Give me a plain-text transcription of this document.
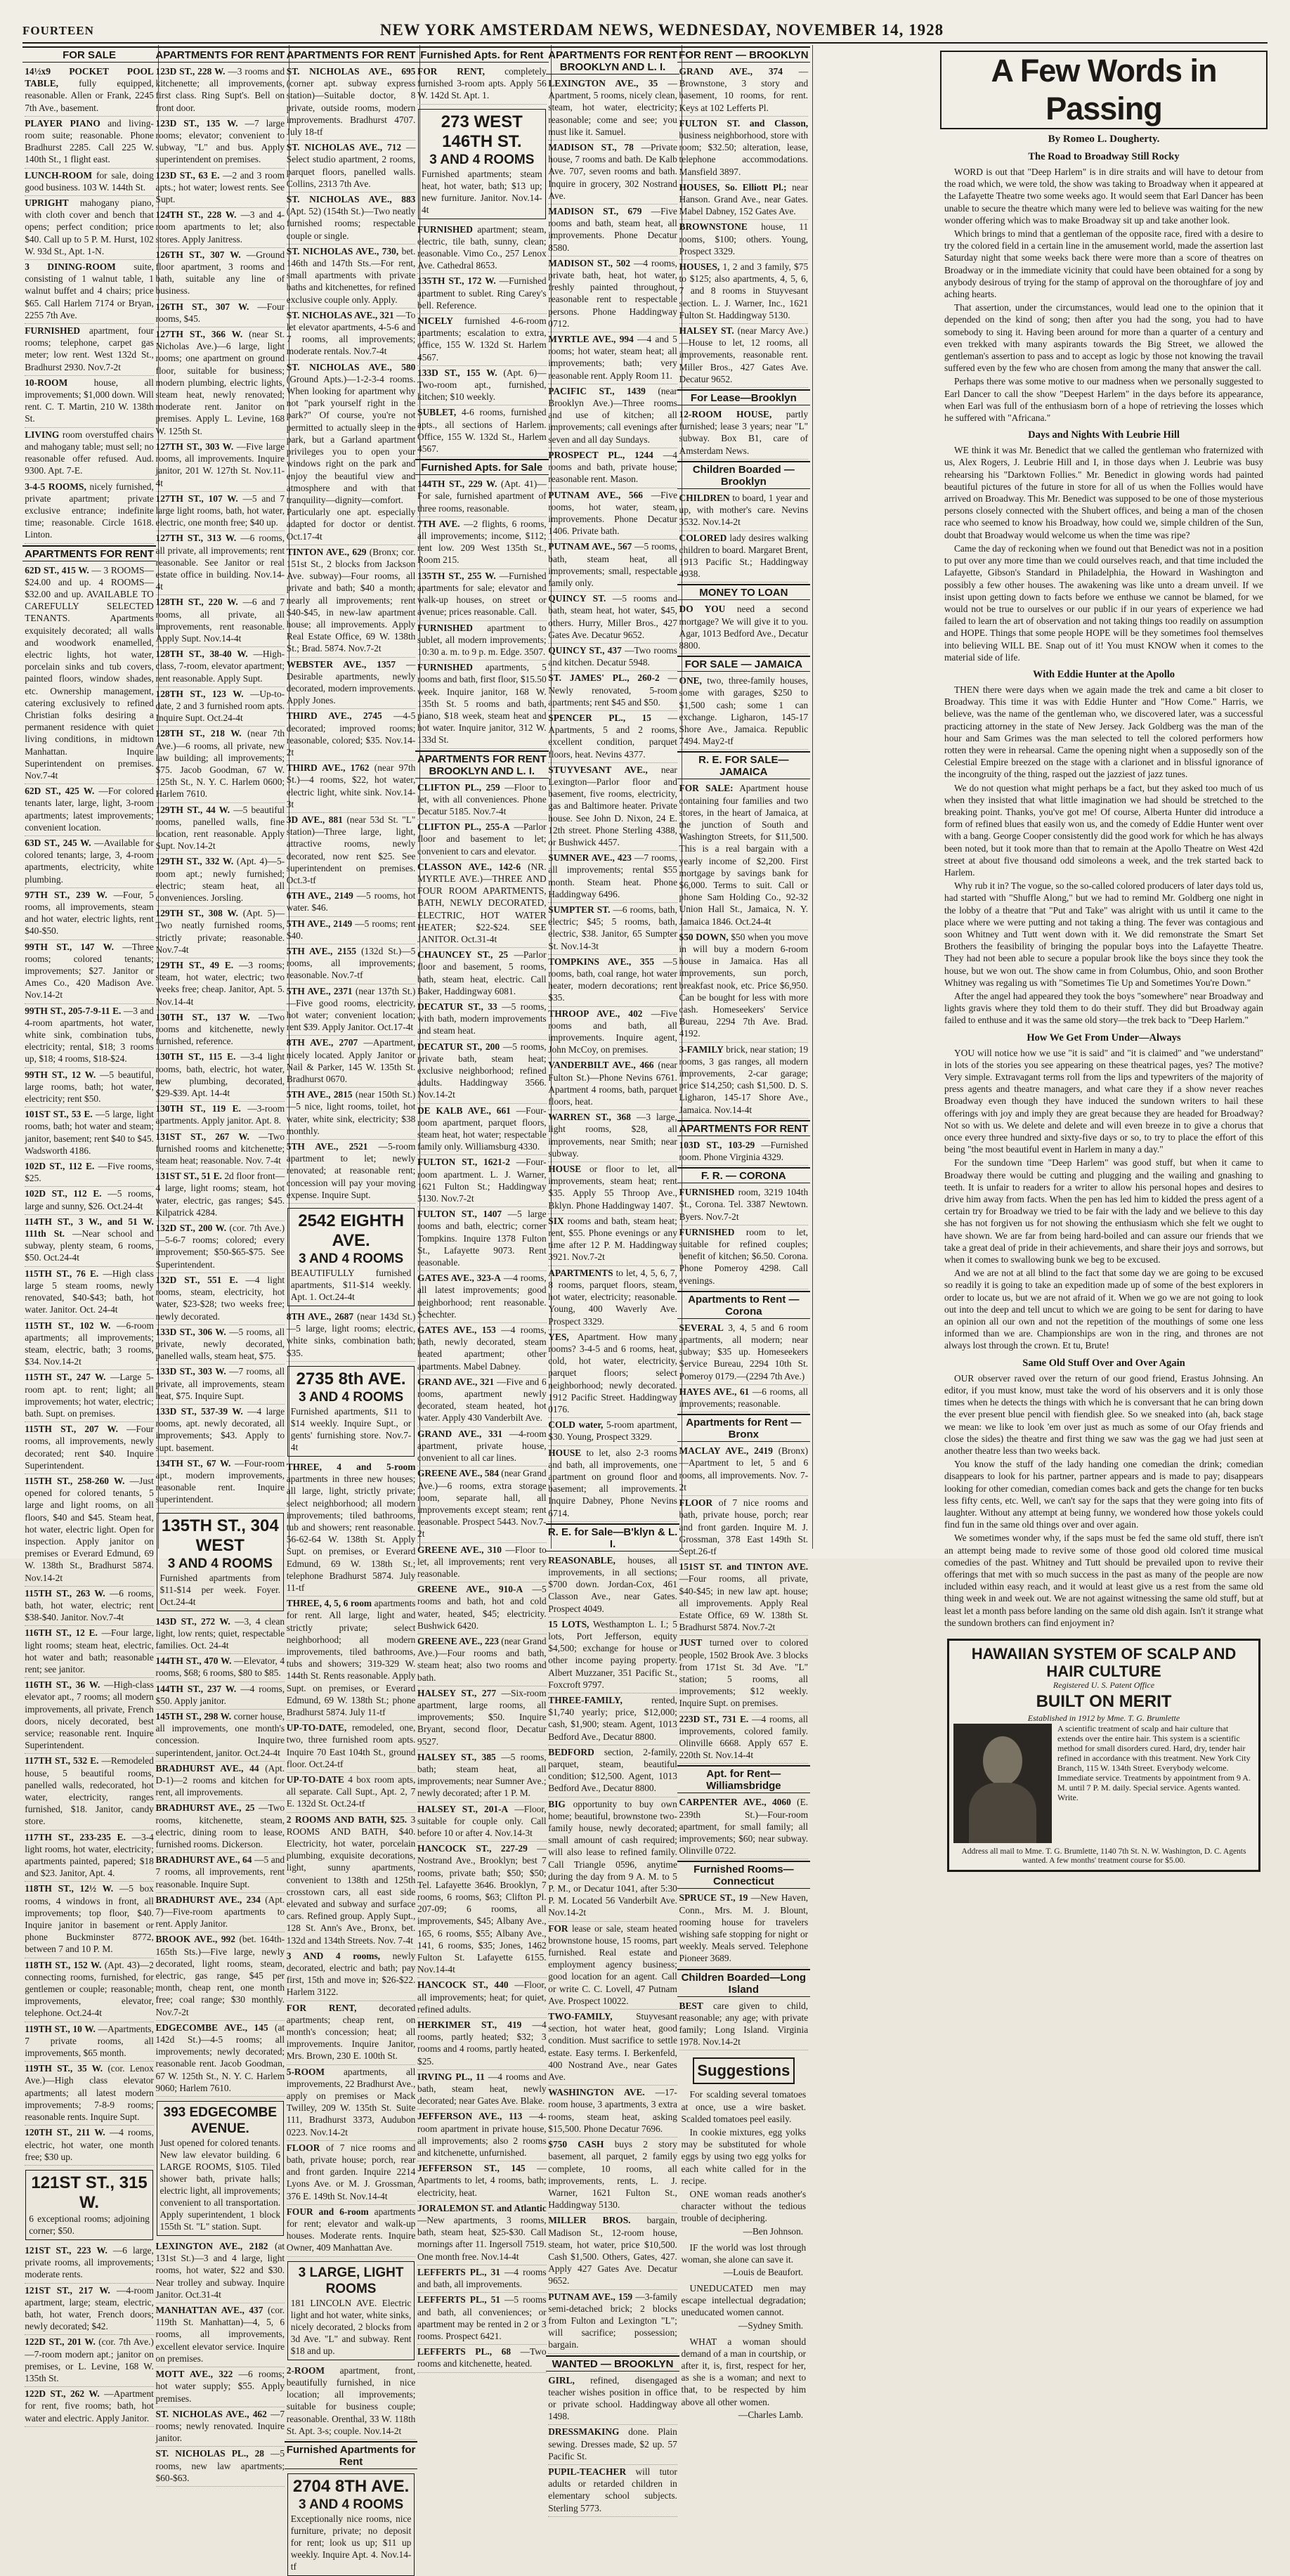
FOURTEEN	NEW YORK AMSTERDAM NEWS, WEDNESDAY, NOVEMBER 14, 1928
FOR SALE
14½x9 POCKET POOL TABLE, fully equipped, reasonable. Allen or Frank, 2245 7th Ave., basement.
PLAYER PIANO and living-room suite; reasonable. Phone Bradhurst 2285. Call 225 W. 140th St., 1 flight east.
LUNCH-ROOM for sale, doing good business. 103 W. 144th St.
UPRIGHT mahogany piano, with cloth cover and bench that opens; perfect condition; price $40. Call up to 5 P. M. Hurst, 102 W. 93d St., Apt. 1-N.
3 DINING-ROOM suite, consisting of 1 walnut table, 1 walnut buffet and 4 chairs; price $65. Call Harlem 7174 or Bryan, 2255 7th Ave.
FURNISHED apartment, four rooms; telephone, carpet gas meter; low rent. West 132d St., Bradhurst 2930. Nov.7-2t
10-ROOM	house, all improvements; $1,000 down. Will rent. C. T. Martin, 210 W. 138th St.
LIVING room overstuffed chairs and mahogany table; must sell; no reasonable offer refused. Aud. 9300. Apt. 7-E.
3-4-5 ROOMS, nicely furnished, private apartment; private exclusive entrance; indefinite time; reasonable. Circle 1618. Linton.
APARTMENTS FOR RENT
62D ST., 415 W. — 3 ROOMS—$24.00 and up. 4 ROOMS—$32.00 and up. AVAILABLE TO CAREFULLY SELECTED TENANTS. Apartments exquisitely decorated; all walls and woodwork enamelled, electric lights, hot water, porcelain sinks and tub covers, painted floors, window shades, etc. Ownership management, catering exclusively to refined Christian folks desiring a permanent residence with quiet living conditions, in midtown Manhattan. Inquire Superintendent on premises. Nov.7-4t
62D ST., 425 W. —For colored tenants later, large, light, 3-room apartments; latest improvements; convenient location.
63D ST., 245 W. —Available for colored tenants; large, 3, 4-room apartments, electricity, white plumbing.
97TH ST., 239 W. —Four, 5 rooms, all improvements, steam and hot water, electric lights, rent $40-$50.
99TH ST., 147 W. —Three rooms; colored tenants; improvements; $27. Janitor or Ames Co., 420 Madison Ave. Nov.14-2t
99TH ST., 205-7-9-11 E. —3 and 4-room apartments, hot water, white sink, combination tubs, electricity; rental, $18; 3 rooms up, $18; 4 rooms, $18-$24.
99TH ST., 12 W. —5 beautiful, large rooms, bath; hot water, electricity; rent $50.
101ST ST., 53 E. —5 large, light rooms, bath; hot water and steam; janitor, basement; rent $40 to $45. Wadsworth 4186.
102D ST., 112 E. —Five rooms, $25.
102D ST., 112 E. —5 rooms, large and sunny, $26. Oct.24-4t
114TH ST., 3 W., and 51 W. 111th St. —Near school and subway, plenty steam, 6 rooms, $50. Oct.24-4t
115TH ST., 76 E. —High class large 5 steam rooms, newly renovated, $40-$43; bath, hot water. Janitor. Oct. 24-4t
115TH ST., 102 W. —6-room apartments; all improvements; steam, electric, bath; 3 rooms, $34. Nov.14-2t
115TH ST., 247 W. —Large 5-room apt. to rent; light; all improvements; hot water, electric; bath. Supt. on premises.
115TH ST., 207 W. —Four rooms, all improvements, newly decorated; rent $40. Inquire Superintendent.
115TH ST., 258-260 W. —Just opened for colored tenants, 5 large and light rooms, on all floors, $40 and $45. Steam heat, hot water, electric light. Open for inspection. Apply janitor on premises or Everard Edmund, 69 W. 138th St., Bradhurst 5874. Nov.14-2t
115TH ST., 263 W. —6 rooms, bath, hot water, electric; rent $38-$40. Janitor. Nov.7-4t
116TH ST., 12 E. —Four large, light rooms; steam heat, electric, hot water and bath; reasonable rent; see janitor.
116TH ST., 36 W. —High-class elevator apt., 7 rooms; all modern improvements, all private, French doors, nicely decorated, best service; reasonable rent. Inquire Superintendent.
117TH ST., 532 E. —Remodeled house, 5 beautiful rooms, panelled walls, redecorated, hot water, electricity, ranges furnished, $18. Janitor, candy store.
117TH ST., 233-235 E. —3-4 light rooms, hot water, electricity; apartments painted, papered; $18 and $23. Janitor, Apt. 4.
118TH ST., 12½ W. —5 box rooms, 4 windows in front, all improvements; top floor, $40. Inquire janitor in basement or phone Buckminster 8772, between 7 and 10 P. M.
118TH ST., 152 W. (Apt. 43)—2 connecting rooms, furnished, for gentlemen or couple; reasonable; improvements, elevator, telephone. Oct.24-4t
119TH ST., 10 W. —Apartments, 7 private rooms, all improvements, $65 month.
119TH ST., 35 W. (cor. Lenox Ave.)—High class elevator apartments; all latest modern improvements; 7-8-9 rooms; reasonable rents. Inquire Supt.
120TH ST., 211 W. —4 rooms, electric, hot water, one month free; $30 up.
121ST ST., 315 W.
6 exceptional rooms; adjoining corner; $50.
121ST ST., 223 W. —6 large, private rooms, all improvements; moderate rents.
121ST ST., 217 W. —4-room apartment, large; steam, electric, bath, hot water, French doors; newly decorated; $42.
122D ST., 201 W. (cor. 7th Ave.)—7-room modern apt.; janitor on premises, or L. Levine, 168 W. 135th St.
122D ST., 262 W. —Apartment for rent, five rooms; bath, hot water and electric. Apply Janitor.
APARTMENTS FOR RENT
123D ST., 228 W. —3 rooms and kitchenette; all improvements, first class. Ring Supt's. Bell on front door.
123D ST., 135 W. —7 large rooms; elevator; convenient to subway, "L" and bus. Apply superintendent on premises.
123D ST., 63 E. —2 and 3 room apts.; hot water; lowest rents. See Supt.
124TH ST., 228 W. —3 and 4-room apartments to let; also stores. Apply Janitress.
126TH ST., 307 W. —Ground floor apartment, 3 rooms and bath, suitable any line of business.
126TH ST., 307 W. —Four rooms, $45.
127TH ST., 366 W. (near St. Nicholas Ave.)—6 large, light rooms; one apartment on ground floor, suitable for business; modern plumbing, electric lights, steam heat, newly renovated; moderate rent. Janitor on premises. Apply L. Levine, 168 W. 125th St.
127TH ST., 303 W. —Five large rooms, all improvements. Inquire janitor, 201 W. 127th St. Nov.11-4t
127TH ST., 107 W. —5 and 7 large light rooms, bath, hot water, electric, one month free; $40 up.
127TH ST., 313 W. —6 rooms, all private, all improvements; rent reasonable. See Janitor or real estate office in building. Nov.14-4t
128TH ST., 220 W. —6 and 7 rooms, all private, all improvements, rent reasonable. Apply Supt. Nov.14-4t
128TH ST., 38-40 W. —High-class, 7-room, elevator apartment; rent reasonable. Apply Supt.
128TH ST., 123 W. —Up-to-date, 2 and 3 furnished room apts. Inquire Supt. Oct.24-4t
128TH ST., 218 W. (near 7th Ave.)—6 rooms, all private, new law building; all improvements; $75. Jacob Goodman, 67 W. 125th St., N. Y. C. Harlem 0600; Harlem 7610.
129TH ST., 44 W. —5 beautiful rooms, panelled walls, fine location, rent reasonable. Apply Supt. Nov.14-2t
129TH ST., 332 W. (Apt. 4)—5-room apt.; newly furnished; electric; steam heat, all conveniences. Jorsling.
129TH ST., 308 W. (Apt. 5)—Two neatly furnished rooms, strictly private; reasonable. Nov.7-4t
129TH ST., 49 E. —3 rooms; steam, hot water, electric; two weeks free; cheap. Janitor, Apt. 5. Nov.14-4t
130TH ST., 137 W. —Two rooms and kitchenette, newly furnished, reference.
130TH ST., 115 E. —3-4 light rooms, bath, electric, hot water, new plumbing, decorated, $29-$39. Apt. 14-4t
130TH ST., 119 E. —3-room apartments. Apply janitor. Apt. 8.
131ST ST., 267 W. —Two furnished rooms and kitchenette; steam heat; reasonable. Nov. 7-4t
131ST ST., 51 E. 2d floor front—4 large, light rooms; steam, hot water, electric, gas ranges; $45. Kilpatrick 4284.
132D ST., 200 W. (cor. 7th Ave.)—5-6-7 rooms; colored; every improvement; $50-$65-$75. See Superintendent.
132D ST., 551 E. —4 light rooms, steam, electricity, hot water, $23-$28; two weeks free; newly decorated.
133D ST., 306 W. —5 rooms, all private, newly decorated, panelled walls, steam heat, $75.
133D ST., 303 W. —7 rooms, all private, all improvements, steam heat, $75. Inquire Supt.
133D ST., 537-39 W. —4 large rooms, apt. newly decorated, all improvements; $43. Apply to supt. basement.
134TH ST., 67 W. —Four-room apt., modern improvements, reasonable rent. Inquire superintendent.
135TH ST., 304 WEST
3 AND 4 ROOMS
Furnished apartments from $11-$14 per week. Foyer. Oct.24-4t
143D ST., 272 W. —3, 4 clean light, low rents; quiet, respectable families. Oct. 24-4t
144TH ST., 470 W. —Elevator, 4 rooms, $68; 6 rooms, $80 to $85.
144TH ST., 237 W. —4 rooms, $50. Apply janitor.
145TH ST., 298 W. corner house, all improvements, one month's concession. Inquire superintendent, janitor. Oct.24-4t
BRADHURST AVE., 44 (Apt. D-1)—2 rooms and kitchen for rent, all improvements.
BRADHURST AVE., 25 —Two rooms, kitchenette, steam, electric, dining room to lease, furnished rooms. Dickerson.
BRADHURST AVE., 64 —5 and 7 rooms, all improvements, rent reasonable. Inquire Supt.
BRADHURST AVE., 234 (Apt. 7)—Five-room apartments to rent. Apply Janitor.
BROOK AVE., 992 (bet. 164th-165th Sts.)—Five large, newly decorated, light rooms, steam, electric, gas range, $45 per month, cheap rent, one month free; coal range; $30 monthly. Nov.7-2t
EDGECOMBE AVE., 145 (at 142d St.)—4-5 rooms; all improvements; newly decorated; reasonable rent. Jacob Goodman, 67 W. 125th St., N. Y. C. Harlem 9060; Harlem 7610.
393 EDGECOMBE AVENUE.
Just opened for colored tenants. New law elevator building. 6 LARGE ROOMS, $105. Tiled shower bath, private halls; electric light, all improvements; convenient to all transportation. Apply superintendent, 1 block 155th St. "L" station. Supt.
LEXINGTON AVE., 2182 (at 131st St.)—3 and 4 large, light rooms, hot water, $22 and $30. Near trolley and subway. Inquire Janitor. Oct.31-4t
MANHATTAN AVE., 437 (cor. 119th St. Manhattan)—4, 5, 6 rooms, all improvements, excellent elevator service. Inquire on premises.
MOTT AVE., 322 —6 rooms; hot water supply; $55. Apply premises.
ST. NICHOLAS AVE., 462 —7 rooms; newly renovated. Inquire janitor.
ST. NICHOLAS PL., 28 —5 rooms, new law apartments; $60-$63.
APARTMENTS FOR RENT
ST. NICHOLAS AVE., 695 (corner apt. subway express station)—Suitable doctor, 8 private, outside rooms, modern improvements. Bradhurst 4707. July 18-tf
ST. NICHOLAS AVE., 712 —Select studio apartment, 2 rooms, parquet floors, panelled walls. Collins, 2313 7th Ave.
ST. NICHOLAS AVE., 883 (Apt. 52) (154th St.)—Two neatly furnished rooms; respectable couple or single.
ST. NICHOLAS AVE., 730, bet. 146th and 147th Sts.—For rent, small apartments with private baths and kitchenettes, for refined exclusive couple only. Apply.
ST. NICHOLAS AVE., 321 —To let elevator apartments, 4-5-6 and 7 rooms, all improvements; moderate rentals. Nov.7-4t
ST. NICHOLAS AVE., 580 (Ground Apts.)—1-2-3-4 rooms. When looking for apartment why not "park yourself right in the park?" Of course, you're not permitted to actually sleep in the park, but a Garland apartment privileges you to open your windows right on the park and enjoy the beautiful view and atmosphere and with that tranquility—dignity—comfort. Particularly one apt. especially adapted for doctor or dentist. Oct.17-4t
TINTON AVE., 629 (Bronx; cor. 151st St., 2 blocks from Jackson Ave. subway)—Four rooms, all private and bath; $40 a month; nearly all improvements; rent $40-$45, in new-law apartment house; all improvements. Apply Real Estate Office, 69 W. 138th St.; Brad. 5874. Nov.7-2t
WEBSTER AVE., 1357 —Desirable apartments, newly decorated, modern improvements. Apply Jones.
THIRD AVE., 2745 —4-5 decorated; improved rooms; reasonable, colored; $35. Nov.14-2t
THIRD AVE., 1762 (near 97th St.)—4 rooms, $22, hot water, electric light, white sink. Nov.14-3t
3D AVE., 881 (near 53d St. "L" station)—Three large, light, attractive rooms, newly decorated, now rent $25. See superintendent on premises. Oct.3-tf
6TH AVE., 2149 —5 rooms, hot water. $46.
5TH AVE., 2149 —5 rooms; rent $40.
5TH AVE., 2155 (132d St.)—5 rooms, all improvements; reasonable. Nov.7-tf
5TH AVE., 2371 (near 137th St.)—Five good rooms, electricity, hot water; convenient location; rent $39. Apply Janitor. Oct.17-4t
8TH AVE., 2707 —Apartment, nicely located. Apply Janitor or Nail & Parker, 145 W. 135th St. Bradhurst 0670.
5TH AVE., 2815 (near 150th St.)—5 nice, light rooms, toilet, hot water, white sink, electricity; $38 monthly.
5TH AVE., 2521 —5-room apartment to let; newly renovated; at reasonable rent; concession will pay your moving expense. Inquire Supt.
2542 EIGHTH AVE.
3 AND 4 ROOMS
BEAUTIFULLY furnished apartments, $11-$14 weekly. Apt. 1. Oct.24-4t
8TH AVE., 2687 (near 143d St.)—5 large, light rooms; electric, white sinks, combination bath; $35.
2735 8th AVE.
3 AND 4 ROOMS
Furnished apartments, $11 to $14 weekly. Inquire Supt., or gents' furnishing store. Nov.7-4t
THREE, 4 and 5-room apartments in three new houses; all large, light, strictly private; select neighborhood; all modern improvements; tiled bathrooms, tub and showers; rent reasonable. 56-62-64 W. 138th St. Apply Supt. on premises, or Everard Edmund, 69 W. 138th St.; telephone Bradhurst 5874. July 11-tf
THREE, 4, 5, 6 room apartments for rent. All large, light and strictly private; select neighborhood; all modern improvements, tiled bathrooms, tubs and showers; 319-329 W. 144th St. Rents reasonable. Apply Supt. on premises, or Everard Edmund, 69 W. 138th St.; phone Bradhurst 5874. July 11-tf
UP-TO-DATE, remodeled, one, two, three furnished room apts. Inquire 70 East 104th St., ground floor. Oct.24-tf
UP-TO-DATE 4 box room apts, all separate. Call Supt., Apt. 2, 7 E. 132d St. Oct.24-tf
2 ROOMS AND BATH, $25. 3 ROOMS AND BATH, $40. Electricity, hot water, porcelain plumbing, exquisite decorations, light, sunny apartments, convenient to 138th and 125th crosstown cars, all east side elevated and subway and surface cars. Refined group. Apply Supt., 128 St. Ann's Ave., Bronx, bet. 132d and 134th Streets. Nov. 7-4t
3 AND 4 rooms, newly decorated, electric and bath; pay first, 15th and move in; $26-$22. Harlem 3122.
FOR RENT, decorated apartments; cheap rent, on month's concession; heat; all improvements. Inquire Janitor, Mrs. Brown, 230 E. 100th St.
5-ROOM apartments, all improvements, 22 Bradhurst Ave., apply on premises or Mack Twilley, 209 W. 135th St. Suite 111, Bradhurst 3373, Audubon 0223. Nov.14-2t
FLOOR of 7 nice rooms and bath, private house; porch, rear and front garden. Inquire 2214 Lyons Ave. or M. J. Grossman, 376 E. 149th St. Nov.14-4t
FOUR and 6-room apartments for rent; elevator and walk-up houses. Moderate rents. Inquire Owner, 409 Manhattan Ave.
3 LARGE, LIGHT ROOMS
181 LINCOLN AVE. Electric light and hot water, white sinks, nicely decorated, 2 blocks from 3d Ave. "L" and subway. Rent $18 and up.
2-ROOM apartment, front, beautifully furnished, in nice location; all improvements; suitable for business couple; reasonable. Orenthal, 33 W. 118th St. Apt. 3-s; couple. Nov.14-2t
Furnished Apartments for Rent
2704 8TH AVE.
3 AND 4 ROOMS
Exceptionally nice rooms, nice furniture, private; no deposit for rent; look us up; $11 up weekly. Inquire Apt. 4. Nov.14-tf
Furnished Apts. for Rent
FOR RENT, completely furnished 3-room apts. Apply 56 W. 142d St. Apt. 1.
273 WEST 146TH ST.
3 AND 4 ROOMS
Furnished apartments; steam heat, hot water, bath; $13 up; new furniture. Janitor. Nov.14-4t
FURNISHED apartment; steam, electric, tile bath, sunny, clean; reasonable. Vimo Co., 257 Lenox Ave. Cathedral 8653.
135TH ST., 172 W. —Furnished apartment to sublet. Ring Carey's bell. Reference.
NICELY furnished 4-6-room apartments; escalation to extra, office, 155 W. 132d St. Harlem 4567.
133D ST., 155 W. (Apt. 6)—Two-room apt., furnished, kitchen; $10 weekly.
SUBLET, 4-6 rooms, furnished apts., all sections of Harlem. Office, 155 W. 132d St., Harlem 4567.
Furnished Apts. for Sale
144TH ST., 229 W. (Apt. 41)—For sale, furnished apartment of three rooms, reasonable.
7TH AVE. —2 flights, 6 rooms, all improvements; income, $112; rent low. 209 West 135th St., Room 215.
135TH ST., 255 W. —Furnished apartments for sale; elevator and walk-up houses, on street or avenue; prices reasonable. Call.
FURNISHED apartment to sublet, all modern improvements; 10:30 a. m. to 9 p. m. Edge. 3507.
FURNISHED apartments, 5 rooms and bath, first floor, $15.50 week. Inquire janitor, 168 W. 135th St. 5 rooms and bath, piano, $18 week, steam heat and hot water. Inquire janitor, 312 W. 133d St.
APARTMENTS FOR RENT BROOKLYN AND L. I.
CLIFTON PL., 259 —Floor to let, with all conveniences. Phone Decatur 5185. Nov.7-4t
CLIFTON PL., 255-A —Parlor floor and basement to let; convenient to cars and elevator.
CLASSON AVE., 142-6 (NR. MYRTLE AVE.)—THREE AND FOUR ROOM APARTMENTS, BATH, NEWLY DECORATED, ELECTRIC, HOT WATER HEATER; $22-$24. SEE JANITOR. Oct.31-4t
CHAUNCEY ST., 25 —Parlor floor and basement, 5 rooms, bath, steam heat, electric. Call Baker, Haddingway 6081.
DECATUR ST., 33 —5 rooms, with bath, modern improvements and steam heat.
DECATUR ST., 200 —5 rooms, private bath, steam heat; exclusive neighborhood; refined adults. Haddingway 3566. Nov.14-2t
DE KALB AVE., 661 —Four-room apartment, parquet floors, steam heat, hot water; respectable family only. Williamsburg 4330.
FULTON ST., 1621-2 —Four-room apartment. L. J. Warner, 1621 Fulton St.; Haddingway 5130. Nov.7-2t
FULTON ST., 1407 —5 large rooms and bath, electric; corner Tompkins. Inquire 1378 Fulton St., Lafayette 9073. Rent reasonable.
GATES AVE., 323-A —4 rooms, all latest improvements; good neighborhood; rent reasonable. Schechter.
GATES AVE., 153 —4 rooms, bath, newly decorated, steam heated apartment; other apartments. Mabel Dabney.
GRAND AVE., 321 —Five and 6 rooms, apartment newly decorated, steam heated, hot water. Apply 430 Vanderbilt Ave.
GRAND AVE., 331 —4-room apartment, private house, convenient to all car lines.
GREENE AVE., 584 (near Grand Ave.)—6 rooms, extra storage room, separate hall, all improvements except steam; rent reasonable. Prospect 5443. Nov.7-2t
GREENE AVE., 310 —Floor to let, all improvements; rent very reasonable.
GREENE AVE., 910-A —5 rooms and bath, hot and cold water, heated, $45; electricity. Bushwick 6420.
GREENE AVE., 223 (near Grand Ave.)—Four rooms and bath, steam heat; also two rooms and bath.
HALSEY ST., 277 —Six-room apartment, large rooms, all improvements; $50. Inquire Bryant, second floor, Decatur 9527.
HALSEY ST., 385 —5 rooms, bath; steam heat, all improvements; near Sumner Ave.; newly decorated; after 1 P. M.
HALSEY ST., 201-A —Floor, suitable for couple only. Call before 10 or after 4. Nov.14-3t
HANCOCK ST., 227-29 —Nostrand Ave., Brooklyn; best 7 rooms, private bath; $50; $50; Tel. Lafayette 3646. Brooklyn, 7 rooms, 6 rooms, $63; Clifton Pl. 207-09; 6 rooms, all improvements, $45; Albany Ave., 165, 6 rooms, $55; Albany Ave., 141, 6 rooms, $35; Jones, 1462 Fulton St. Lafayette 6155. Nov.14-4t
HANCOCK ST., 440 —Floor, all improvements; heat; for quiet, refined adults.
HERKIMER ST., 419 —4 rooms, partly heated; $32; 3 rooms and 4 rooms, partly heated, $25.
IRVING PL., 11 —4 rooms and bath, steam heat, newly decorated; near Gates Ave. Blake.
JEFFERSON AVE., 113 —4-room apartment in private house, all improvements; also 2 rooms and kitchenette, unfurnished.
JEFFERSON ST., 145 —Apartments to let, 4 rooms, bath; electricity, heat.
JORALEMON ST. and Atlantic —New apartments, 3 rooms, bath, steam heat, $25-$30. Call mornings after 11. Ingersoll 7519. One month free. Nov.14-4t
LEFFERTS PL., 31 —4 rooms and bath, all improvements.
LEFFERTS PL., 51 —5 rooms and bath, all conveniences; or apartment may be rented in 2 or 3 rooms. Prospect 6421.
LEFFERTS PL., 68 —Two rooms and kitchenette, heated.
APARTMENTS FOR RENT BROOKLYN AND L. I.
LEXINGTON AVE., 35 —Apartment, 5 rooms, nicely clean, steam, hot water, electricity; reasonable; come and see; you must like it. Samuel.
MADISON ST., 78 —Private house, 7 rooms and bath. De Kalb Ave. 707, seven rooms and bath. Inquire in grocery, 302 Nostrand Ave.
MADISON ST., 679 —Five rooms and bath, steam heat, all improvements. Phone Decatur 8580.
MADISON ST., 502 —4 rooms, private bath, heat, hot water, freshly painted throughout, reasonable rent to respectable persons. Phone Haddingway 0712.
MYRTLE AVE., 994 —4 and 5 rooms; hot water, steam heat; all improvements; bath; very reasonable rent. Apply Room 11.
PACIFIC ST., 1439 (near Brooklyn Ave.)—Three rooms and use of kitchen; all improvements; call evenings after seven and all day Sundays.
PROSPECT PL., 1244 —4 rooms and bath, private house; reasonable rent. Mason.
PUTNAM AVE., 566 —Five rooms, hot water, steam, improvements. Phone Decatur 1406. Private bath.
PUTNAM AVE., 567 —5 rooms, bath, steam heat, all improvements; small, respectable family only.
QUINCY ST. —5 rooms and bath, steam heat, hot water, $45, others. Hurry, Miller Bros., 427 Gates Ave. Decatur 9652.
QUINCY ST., 437 —Two rooms and kitchen. Decatur 5948.
ST. JAMES' PL., 260-2 —Newly renovated, 5-room apartments; rent $45 and $50.
SPENCER PL., 15 —Apartments, 5 and 2 rooms, excellent condition, parquet floors, heat. Nevins 4377.
STUYVESANT AVE., near Lexington—Parlor floor and basement, five rooms, electricity, gas and Baltimore heater. Private house. See John D. Nixon, 24 E. 12th street. Phone Sterling 4388, or Bushwick 4457.
SUMNER AVE., 423 —7 rooms, all improvements; rental $55 month. Steam heat. Phone Haddingway 6496.
SUMPTER ST. —6 rooms, bath, electric; $45; 5 rooms, bath, electric, $38. Janitor, 65 Sumpter St. Nov.14-3t
TOMPKINS AVE., 355 —5 rooms, bath, coal range, hot water heater, modern decorations; rent $35.
THROOP AVE., 402 —Five rooms and bath, all improvements. Inquire agent, John McCoy, on premises.
VANDERBILT AVE., 466 (near Fulton St.)—Phone Nevins 6761. Apartment 4 rooms, bath, parquet floors, heat.
WARREN ST., 368 —3 large, light rooms, $28, all improvements, near Smith; near subway.
HOUSE or floor to let, all improvements, steam heat; rent $35. Apply 55 Throop Ave., Bklyn. Phone Haddingway 1407.
SIX rooms and bath, steam heat; rent, $55. Phone evenings or any time after 12 P. M. Haddingway 3921. Nov.7-2t
APARTMENTS to let, 4, 5, 6, 7, 8 rooms, parquet floors, steam, hot water, electricity; reasonable. Young, 400 Waverly Ave. Prospect 3329.
YES, Apartment. How many rooms? 3-4-5 and 6 rooms, heat, cold, hot water, electricity, parquet floors; select neighborhood; newly decorated. 1912 Pacific Street. Haddingway 0176.
COLD water, 5-room apartment, $30. Young, Prospect 3329.
HOUSE to let, also 2-3 rooms and bath, all improvements, one apartment on ground floor and basement; all improvements. Inquire Dabney, Phone Nevins 6714.
R. E. for Sale—B'klyn & L. I.
REASONABLE, houses, all improvements, in all sections; $700 down. Jordan-Cox, 461 Classon Ave., near Gates. Prospect 4049.
15 LOTS, Westhampton L. I.; 5 lots, Port Jefferson, equity $4,500; exchange for house or other income paying property. Albert Muzzaner, 351 Pacific St., Foxcroft 9797.
THREE-FAMILY,	rented, $1,740 yearly; price, $12,000; cash, $1,900; steam. Agent, 1013 Bedford Ave., Decatur 8800.
BEDFORD section, 2-family, parquet, steam, beautiful condition; $12,500. Agent, 1013 Bedford Ave., Decatur 8800.
BIG opportunity to buy own home; beautiful, brownstone two-family house, newly decorated; small amount of cash required; will also lease to refined family. Call Triangle 0596, anytime during the day from 9 A. M. to 5 P. M., or Decatur 1041, after 5:30 P. M. Located 56 Vanderbilt Ave. Nov.14-2t
FOR lease or sale, steam heated brownstone house, 15 rooms, part furnished. Real estate and employment agency business; good location for an agent. Call or write C. C. Lovell, 47 Putnam Ave. Prospect 10022.
TWO-FAMILY, Stuyvesant section, hot water heat, good condition. Must sacrifice to settle estate. Easy terms. I. Berkenfeld, 400 Nostrand Ave., near Gates Ave.
WASHINGTON AVE. —17-room house, 3 apartments, 3 extra rooms, steam heat, asking $15,500. Phone Decatur 7696.
$750 CASH buys 2 story basement, all parquet, 2 family complete, 10 rooms, all improvements, rents, L. J. Warner, 1621 Fulton St., Haddingway 5130.
MILLER BROS. bargain, Madison St., 12-room house, steam, hot water, price $10,500. Cash $1,500. Others, Gates, 427. Apply 427 Gates Ave. Decatur 9652.
PUTNAM AVE., 159 —3-family semi-detached brick; 2 blocks from Fulton and Lexington "L"; will sacrifice; possession; bargain.
WANTED — BROOKLYN
GIRL, refined, disengaged teacher wishes position in office or private school. Haddingway 1498.
DRESSMAKING done. Plain sewing. Dresses made, $2 up. 57 Pacific St.
PUPIL-TEACHER will tutor adults or retarded children in elementary school subjects. Sterling 5773.
FOR RENT — BROOKLYN
GRAND AVE., 374 —Brownstone, 3 story and basement, 10 rooms, for rent. Keys at 102 Lefferts Pl.
FULTON ST. and Classon, business neighborhood, store with room; $32.50; alteration, lease, telephone accommodations. Mansfield 3897.
HOUSES, So. Elliott Pl.; near Hanson. Grand Ave., near Gates. Mabel Dabney, 152 Gates Ave.
BROWNSTONE house, 11 rooms, $100; others. Young, Prospect 3329.
HOUSES, 1, 2 and 3 family, $75 to $125; also apartments, 4, 5, 6, 7 and 8 rooms in Stuyvesant section. L. J. Warner, Inc., 1621 Fulton St. Haddingway 5130.
HALSEY ST. (near Marcy Ave.)—House to let, 12 rooms, all improvements, reasonable rent. Miller Bros., 427 Gates Ave. Decatur 9652.
For Lease—Brooklyn
12-ROOM HOUSE, partly furnished; lease 3 years; near "L" subway. Box B1, care of Amsterdam News.
Children Boarded — Brooklyn
CHILDREN to board, 1 year and up, with mother's care. Nevins 3532. Nov.14-2t
COLORED lady desires walking children to board. Margaret Brent, 1913 Pacific St.; Haddingway 4938.
MONEY TO LOAN
DO YOU need a second mortgage? We will give it to you. Agar, 1013 Bedford Ave., Decatur 8800.
FOR SALE — JAMAICA
ONE, two, three-family houses, some with garages, $250 to $1,500 cash; some 1 can exchange. Ligharon, 145-17 Shore Ave., Jamaica. Republic 7494. May2-tf
R. E. FOR SALE—JAMAICA
FOR SALE: Apartment house containing four families and two stores, in the heart of Jamaica, at the junction of South and Washington Streets, for $11,500. This is a real bargain with a yearly income of $2,200. First mortgage by savings bank for $6,000. Terms to suit. Call or phone Sam Holding Co., 92-32 Union Hall St., Jamaica, N. Y. Jamaica 1846. Oct.24-4t
$50 DOWN, $50 when you move in will buy a modern 6-room house in Jamaica. Has all improvements, sun porch, breakfast nook, etc. Price $6,950. Can be bought for less with more cash. Homeseekers' Service Bureau, 2294 7th Ave. Brad. 4192.
3-FAMILY brick, near station; 19 rooms, 3 gas ranges, all modern improvements, 2-car garage; price $14,250; cash $1,500. D. S. Ligharon, 145-17 Shore Ave., Jamaica. Nov.14-4t
APARTMENTS FOR RENT
103D ST., 103-29 —Furnished room. Phone Virginia 4329.
F. R. — CORONA
FURNISHED room, 3219 104th St., Corona. Tel. 3387 Newtown. Byers. Nov.7-2t
FURNISHED room to let, suitable for refined couples; benefit of kitchen; $6.50. Corona. Phone Pomeroy 4298. Call evenings.
Apartments to Rent — Corona
SEVERAL 3, 4, 5 and 6 room apartments, all modern; near subway; $35 up. Homeseekers Service Bureau, 2294 10th St. Pomeroy 0179.—(2294 7th Ave.)
HAYES AVE., 61 —6 rooms, all improvements; reasonable.
Apartments for Rent — Bronx
MACLAY AVE., 2419 (Bronx)—Apartment to let, 5 and 6 rooms, all improvements. Nov. 7-2t
FLOOR of 7 nice rooms and bath, private house, porch; rear and front garden. Inquire M. J. Grossman, 378 East 149th St. Sept.26-tf
151ST ST. and TINTON AVE. —Four rooms, all private, $40-$45; in new law apt. house; all improvements. Apply Real Estate Office, 69 W. 138th St. Bradhurst 5874. Nov.7-2t
JUST turned over to colored people, 1502 Brook Ave. 3 blocks from 171st St. 3d Ave. "L" station; 5 rooms, all improvements; $12 weekly. Inquire Supt. on premises.
223D ST., 731 E. —4 rooms, all improvements, colored family. Olinville 6668. Apply 657 E. 220th St. Nov.14-4t
Apt. for Rent—Williamsbridge
CARPENTER AVE., 4060 (E. 239th St.)—Four-room apartment, for small family; all improvements; $60; near subway. Olinville 0722.
Furnished Rooms—Connecticut
SPRUCE ST., 19 —New Haven, Conn., Mrs. M. J. Blount, rooming house for travelers wishing safe stopping for night or weekly. Meals served. Telephone Pioneer 3689.
Children Boarded—Long Island
BEST care given to child, reasonable; any age; with private family; Long Island. Virginia 1978. Nov.14-2t
Suggestions
For scalding several tomatoes at once, use a wire basket. Scalded tomatoes peel easily.
In cookie mixtures, egg yolks may be substituted for whole eggs by using two egg yolks for each white called for in the recipe.
ONE woman reads another's character without the tedious trouble of deciphering.
—Ben Johnson.
IF the world was lost through woman, she alone can save it.
—Louis de Beaufort.
UNEDUCATED men may escape intellectual degradation; uneducated women cannot.
—Sydney Smith.
WHAT a woman should demand of a man in courtship, or after it, is, first, respect for her, as she is a woman; and next to that, to be respected by him above all other women.
—Charles Lamb.
A Few Words in Passing
By Romeo L. Dougherty.
The Road to Broadway Still Rocky
WORD is out that "Deep Harlem" is in dire straits and will have to detour from the road which, we were told, the show was taking to Broadway when it appeared at the Lafayette Theatre two some weeks ago. It would seem that Earl Dancer has been unable to secure the theatre which many were led to believe was waiting for the new wonder offering which was to make Broadway sit up and take another look.
Which brings to mind that a gentleman of the opposite race, fired with a desire to try the colored field in a certain line in the amusement world, made the assertion last Saturday night that some weeks back there were more than a score of theatres on Broadway or in the immediate vicinity that could have been obtained for a song by anybody desirous of trying for the stamp of approval on the thoroughfare of joy and aching hearts.
That assertion, under the circumstances, would lead one to the opinion that it depended on the kind of song; then after you had the song, you had to have somebody to sing it. Having been around for more than a quarter of a century and even trekked with many aspirants towards the Big Street, we allowed the gentleman's assertion to pass and to accept as logic by those not knowing the travail suffered even by the few who are chosen from among the many that answer the call.
Perhaps there was some motive to our madness when we personally suggested to Earl Dancer to call the show "Deepest Harlem" in the days before its appearance, when Earl was full of the enthusiasm born of a hope of retrieving the losses which he suffered with "Africana."
Days and Nights With Leubrie Hill
WE think it was Mr. Benedict that we called the gentleman who fraternized with us, Alex Rogers, J. Leubrie Hill and I, in those days when J. Leubrie was busy rehearsing his "Darktown Follies." Mr. Benedict in glowing words had painted beautiful pictures of the future in store for all of us when the Follies would have arrived on Broadway. This Mr. Benedict was supposed to be one of those mysterious persons closely connected with the Shubert offices, and being a man of the chosen race who seemed to know his Broadway, how could we, simple children of the Sun, doubt that Broadway would welcome us when the time was ripe?
Came the day of reckoning when we found out that Benedict was not in a position to put over any more time than we could ourselves reach, and that time included the Lafayette, Gibson's Standard in Philadelphia, the Howard in Washington and possibly a few other houses. The awakening was like unto a dream unveil. If we insist upon getting down to facts before we enthuse we cannot be blamed, for we would not be true to ourselves or our public if in our years of experience we had failed to learn the art of observation and not taking things too readily on assumption and HOPE. Things that some people HOPE will be they sometimes fool themselves into believing WILL BE. Snap out of it! You must KNOW when it comes to the material side of life.
With Eddie Hunter at the Apollo
THEN there were days when we again made the trek and came a bit closer to Broadway. This time it was with Eddie Hunter and "How Come." Harris, we believe, was the name of the gentleman who, we discovered later, was a successful practicing attorney in the state of New Jersey. Jack Goldberg was the man of the hour and Sam Grimes was the man selected to tell the colored performers how rotten they were in rehearsal. Came the opening night when a supposedly son of the Celestial Empire breezed on the stage with a clarionet and in blissful ignorance of the incongruity of the thing, rasped out the jazziest of jazz tunes.
We do not question what might perhaps be a fact, but they asked too much of us when they insisted that what little imagination we had should be stretched to the breaking point. Thanks, you've got me! Of course, Alberta Hunter did introduce a form of refined blues that easily won us, and the comedy of Eddie Hunter went over with a bang. George Cooper consistently did the good work for which he has always been noted, but it took more than that to remain at the Apollo Theatre on West 42d street at about five thousand odd simoleons a week, and the trek started back to Harlem.
Why rub it in? The vogue, so the so-called colored producers of later days told us, had started with "Shuffle Along," but we had to remind Mr. Goldberg one night in the lobby of a theatre that "Put and Take" was alright with us until it came to the place where we were putting and not taking a thing. The fever was contagious and soon Whitney and Tutt went down with it. We did remonstrate the Smart Set Brothers the feasibility of bringing the popular boys into the Lafayette Theatre. They had not been able to secure a popular brook like the boys since they took the house, but we won out. The show came in from Columbus, Ohio, and soon Brother Whitney was regaling us with "Sometimes Tie Up and Sometimes You're Down."
After the angel had appeared they took the boys "somewhere" near Broadway and lights gravis where they told them to do their stuff. They did but Broadway again failed to enthuse and it was the same old story—the trek back to "Deep Harlem."
How We Get From Under—Always
YOU will notice how we use "it is said" and "it is claimed" and "we understand" in lots of the stories you see appearing on these theatrical pages, yes? The motive? Very simple. Extravagant terms roll from the lips and typewriters of the majority of press agents and theatre managers, and what care they if a show never reaches Broadway even though they have induced the sundown writers to hail these offerings with joy and imply they are great because they are headed for Broadway? Not so with us. We delete and delete and will even breeze in to give a chorus that once every three hundred and sixty-five days or so, to try to place the effort of this being "the most beautiful event in Harlem in many a day."
For the sundown time "Deep Harlem" was good stuff, but when it came to Broadway there would be cutting and plugging and the wailing and gnashing to teeth. It is unfair to readers for a writer to allow his personal hopes and desires to drive him away from facts. When the pen has led him to kidded the press agent of a certain try for Broadway we tried to be fair with the lady and we believe to this day she has not forgiven us for not showing the enthusiasm which she felt we ought to have shown. We are far from being hard-boiled and can assure our friends that we take a great deal of pride in their achievements, and share their joys and sorrows, but when it comes to swallowing bunk we beg to be excused.
And we are not at all blind to the fact that some day we are going to be excused so readily it is going to take an expedition made up of some of the best explorers in order to locate us, but we are not afraid of it. When we go we are not going to look out into the deep and tell uncut to which we are going to be sent for daring to have an opinion all our own and not the repetition of the mouthings of some one less informed than we are. Championships are won in the ring, and thrones are not always lost through the crown. Et tu, Brute!
Same Old Stuff Over and Over Again
OUR observer raved over the return of our good friend, Erastus Johnsing. An editor, if you must know, must take the word of his observers and it is only those times when he detects the things with which he is conversant that he can bring down the ever present blue pencil with fiendish glee. So we sneaked into (ah, back stage we mean: we like to look 'em over just as much as some of our Ofay friends and close the sides) the theatre and first thing we saw was the gag we had just seen at another theatre less than two weeks back.
You know the stuff of the lady handing one comedian the drink; comedian disappears to look for his partner, partner appears and is made to pay; disappears looking for other comedian, comedian comes back and gets the change for ten bucks less fifty cents, etc. Well, we can't say for the saps that they were going into fits of laughter. Without any attempt at being funny, we wondered how those yokels could find fun in the same old things over and over again.
We sometimes wonder why, if the saps must be fed the same old stuff, there isn't an attempt being made to revive some of those good old colored time musical comedies of the past. Whitney and Tutt should be prevailed upon to revive their offerings that met with so much success in the past as many of the people are now included within easy reach, and it would at least give us a rest from the same old thing week in and week out. We are not against witnessing the same old stuff, but at least let a month pass before landing on the same old dish again. Isn't it strange what the sundown brothers can find enjoyment in?
HAWAIIAN SYSTEM OF SCALP AND HAIR CULTURE
Registered U. S. Patent Office
BUILT ON MERIT
Established in 1912 by Mme. T. G. Brumlette
A scientific treatment of scalp and hair culture that extends over the entire hair. This system is a scientific method for small disorders cured. Hard, dry, tender hair refined in accordance with this treatment. New York City Branch, 115 W. 134th Street. Everybody welcome. Immediate service. Treatments by appointment from 9 A. M. until 7 P. M. daily. Special service. Agents wanted. Write.
Address all mail to Mme. T. G. Brumlette, 1140 7th St. N. W. Washington, D. C. Agents wanted. A few months' treatment course for $5.00.
